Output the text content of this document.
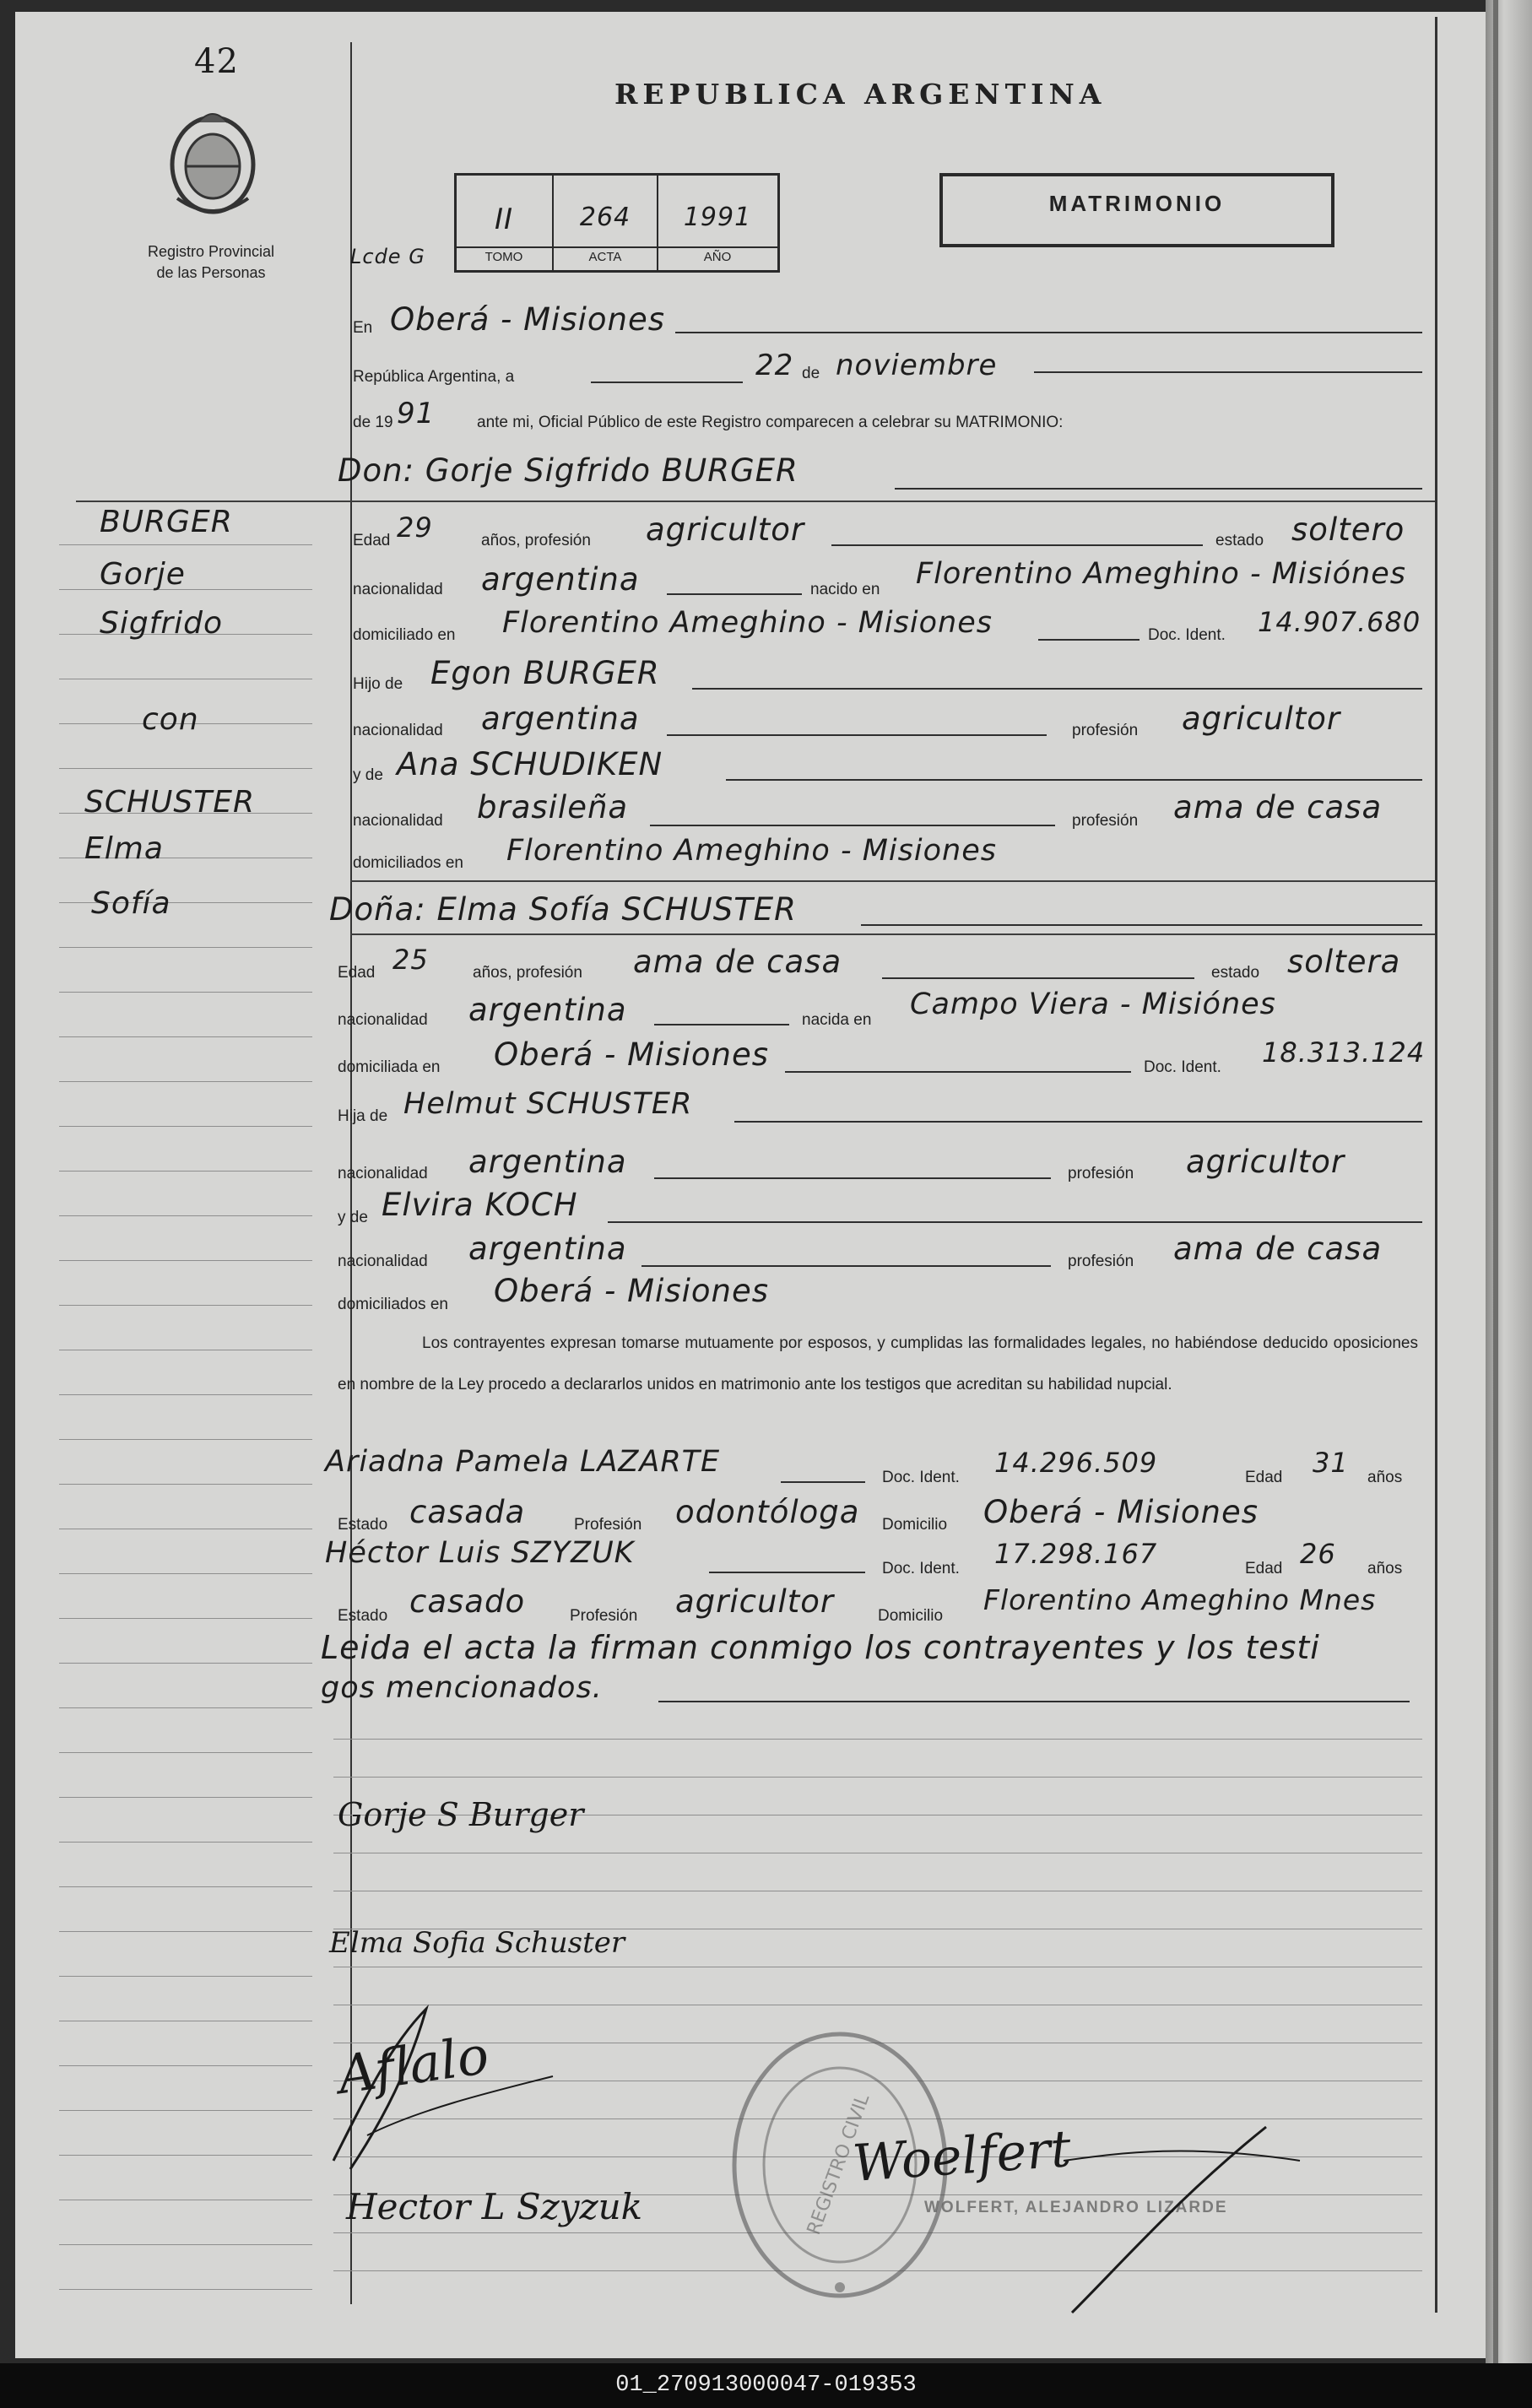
42
Registro Provincial
de las Personas
REPUBLICA ARGENTINA
MATRIMONIO
Lcde G
II	264	1991
TOMO	ACTA	AÑO
En Oberá - Misiones
República Argentina, a	22 de noviembre
de 19 91	ante mi, Oficial Público de este Registro comparecen a celebrar su MATRIMONIO:
Don: Gorje Sigfrido BURGER
BURGER
Gorje
Sigfrido
con
SCHUSTER
Elma
Sofía
Edad 29	años, profesión agricultor	estado soltero
nacionalidad argentina	nacido en Florentino Ameghino - Misiónes
domiciliado en Florentino Ameghino - Misiones	Doc. Ident. 14.907.680
Hijo de Egon BURGER
nacionalidad argentina	profesión agricultor
y de Ana SCHUDIKEN
nacionalidad brasileña	profesión ama de casa
domiciliados en Florentino Ameghino - Misiones
Doña: Elma Sofía SCHUSTER
Edad 25	años, profesión ama de casa	estado soltera
nacionalidad argentina	nacida en Campo Viera - Misiónes
domiciliada en Oberá - Misiones	Doc. Ident. 18.313.124
Hija de Helmut SCHUSTER
nacionalidad argentina	profesión agricultor
y de Elvira KOCH
nacionalidad argentina	profesión ama de casa
domiciliados en Oberá - Misiones
Los contrayentes expresan tomarse mutuamente por esposos, y cumplidas las formalidades legales, no habiéndose deducido oposiciones en nombre de la Ley procedo a declararlos unidos en matrimonio ante los testigos que acreditan su habilidad nupcial.
Ariadna Pamela LAZARTE	Doc. Ident. 14.296.509	Edad 31 años
Estado casada	Profesión odontóloga Domicilio Oberá - Misiones
Héctor Luis SZYZUK	Doc. Ident. 17.298.167	Edad 26 años
Estado casado	Profesión agricultor	Domicilio Florentino Ameghino Mnes
Leida el acta la firman conmigo los contrayentes y los testi
gos mencionados.
Gorje S Burger
Elma Sofia Schuster
Aflalo
Hector L Szyzuk	REGISTRO CIVIL	WOLFERT, ALEJANDRO LIZARDE
Woelfert
01_270913000047-019353
